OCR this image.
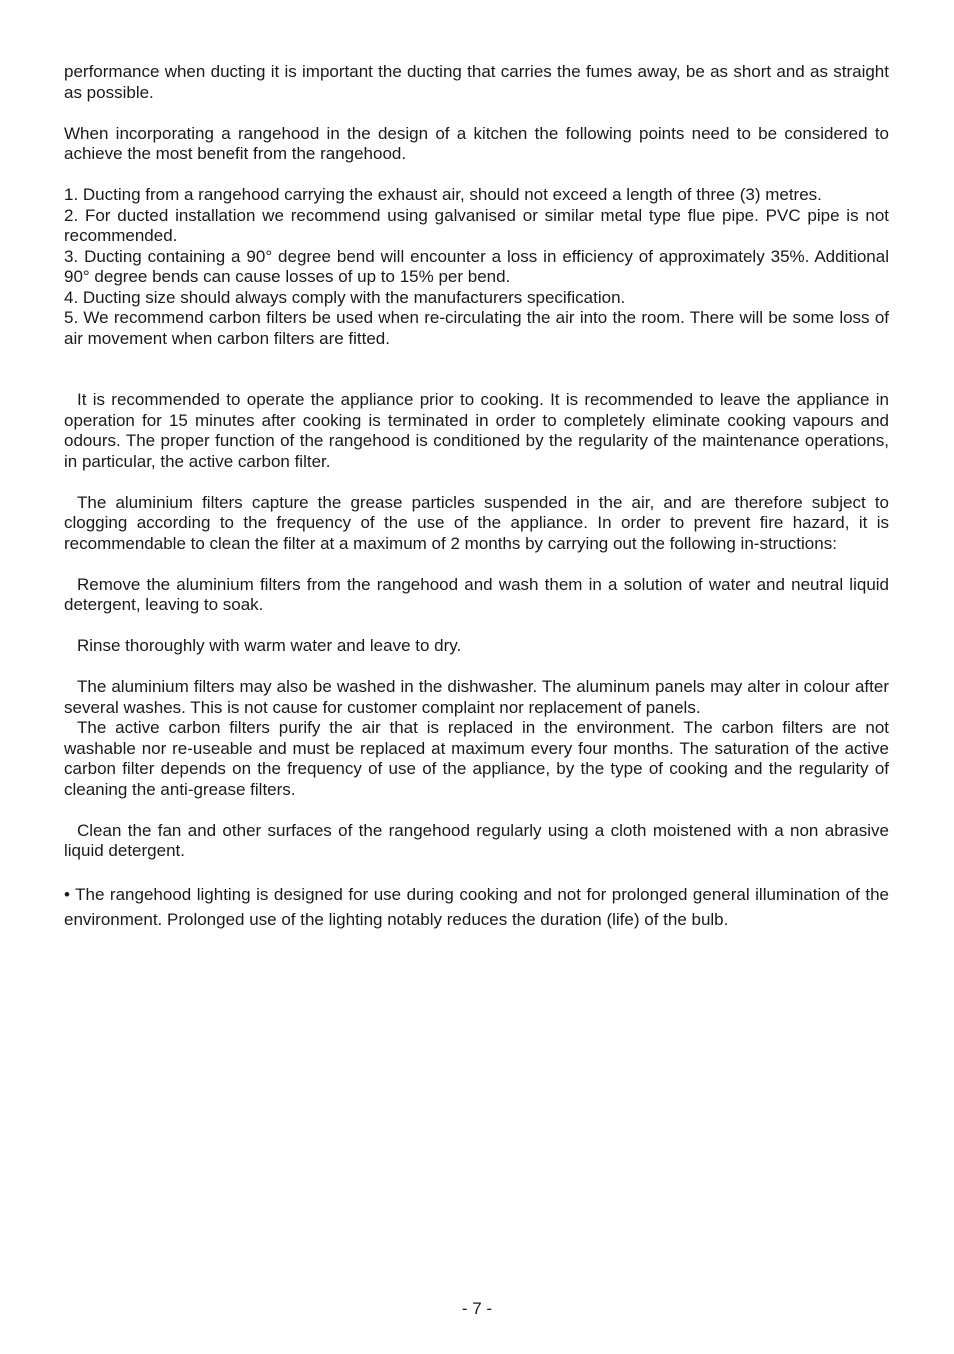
performance when ducting it is important the ducting that carries the fumes away, be as short and as straight as possible.

When incorporating a rangehood in the design of a kitchen the following points need to be considered to achieve the most benefit from the rangehood.

1. Ducting from a rangehood carrying the exhaust air, should not exceed a length of three (3) metres.

2. For ducted installation we recommend using galvanised or similar metal type flue pipe. PVC pipe is not recommended.

3. Ducting containing a 90° degree bend will encounter a loss in efficiency of approximately 35%. Additional 90° degree bends can cause losses of up to 15% per bend.

4. Ducting size should always comply with the manufacturers specification.

5. We recommend carbon filters be used when re-circulating the air into the room. There will be some loss of air movement when carbon filters are fitted.

It is recommended to operate the appliance prior to cooking. It is recommended to leave the appliance in operation for 15 minutes after cooking is terminated in order to completely eliminate cooking vapours and odours. The proper function of the rangehood is conditioned by the regularity of the maintenance operations, in particular, the active carbon filter.

The aluminium filters capture the grease particles suspended in the air, and are therefore subject to clogging according to the frequency of the use of the appliance. In order to prevent fire hazard, it is recommendable to clean the filter at a maximum of 2 months by carrying out the following in-structions:

Remove the aluminium filters from the rangehood and wash them in a solution of water and neutral liquid detergent, leaving to soak.

Rinse thoroughly with warm water and leave to dry.

The aluminium filters may also be washed in the dishwasher. The aluminum panels may alter in colour after several washes. This is not cause for customer complaint nor replacement of panels.

The active carbon filters purify the air that is replaced in the environment. The carbon filters are not washable nor re-useable and must be replaced at maximum every four months. The saturation of the active carbon filter depends on the frequency of use of the appliance, by the type of cooking and the regularity of cleaning the anti-grease filters.

Clean the fan and other surfaces of the rangehood regularly using a cloth moistened with a non abrasive liquid detergent.

• The rangehood lighting is designed for use during cooking and not for prolonged general illumination of the environment. Prolonged use of the lighting notably reduces the duration (life) of the bulb.

- 7 -
